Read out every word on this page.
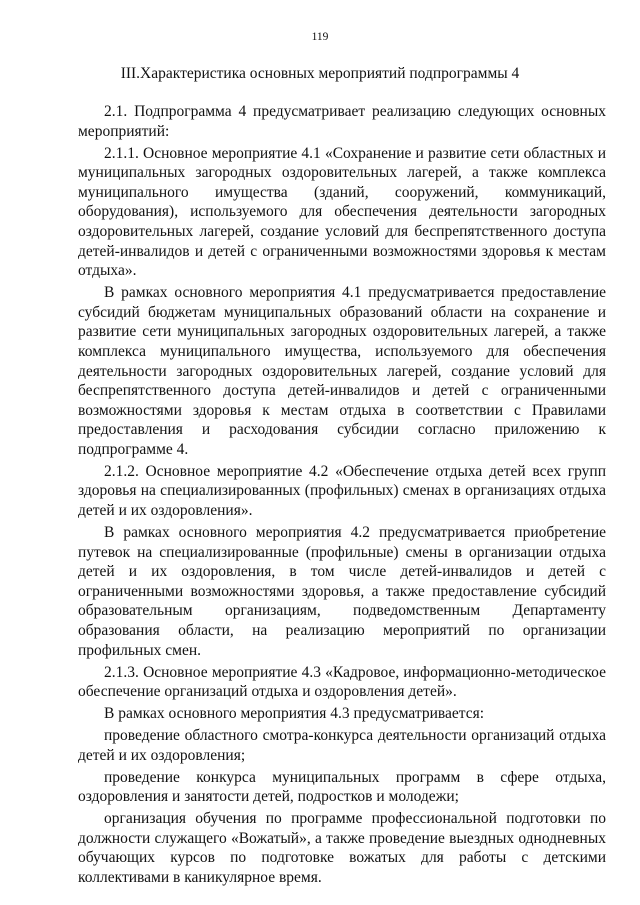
119
III.Характеристика основных мероприятий подпрограммы 4

2.1. Подпрограмма 4 предусматривает реализацию следующих основных мероприятий:

2.1.1. Основное мероприятие 4.1 «Сохранение и развитие сети областных и муниципальных загородных оздоровительных лагерей, а также комплекса муниципального имущества (зданий, сооружений, коммуникаций, оборудования), используемого для обеспечения деятельности загородных оздоровительных лагерей, создание условий для беспрепятственного доступа детей-инвалидов и детей с ограниченными возможностями здоровья к местам отдыха».

В рамках основного мероприятия 4.1 предусматривается предоставление субсидий бюджетам муниципальных образований области на сохранение и развитие сети муниципальных загородных оздоровительных лагерей, а также комплекса муниципального имущества, используемого для обеспечения деятельности загородных оздоровительных лагерей, создание условий для беспрепятственного доступа детей-инвалидов и детей с ограниченными возможностями здоровья к местам отдыха в соответствии с Правилами предоставления и расходования субсидии согласно приложению к подпрограмме 4.

2.1.2. Основное мероприятие 4.2 «Обеспечение отдыха детей всех групп здоровья на специализированных (профильных) сменах в организациях отдыха детей и их оздоровления».

В рамках основного мероприятия 4.2 предусматривается приобретение путевок на специализированные (профильные) смены в организации отдыха детей и их оздоровления, в том числе детей-инвалидов и детей с ограниченными возможностями здоровья, а также предоставление субсидий образовательным организациям, подведомственным Департаменту образования области, на реализацию мероприятий по организации профильных смен.

2.1.3. Основное мероприятие 4.3 «Кадровое, информационно-методическое обеспечение организаций отдыха и оздоровления детей».

В рамках основного мероприятия 4.3 предусматривается:

проведение областного смотра-конкурса деятельности организаций отдыха детей и их оздоровления;

проведение конкурса муниципальных программ в сфере отдыха, оздоровления и занятости детей, подростков и молодежи;

организация обучения по программе профессиональной подготовки по должности служащего «Вожатый», а также проведение выездных однодневных обучающих курсов по подготовке вожатых для работы с детскими коллективами в каникулярное время.
